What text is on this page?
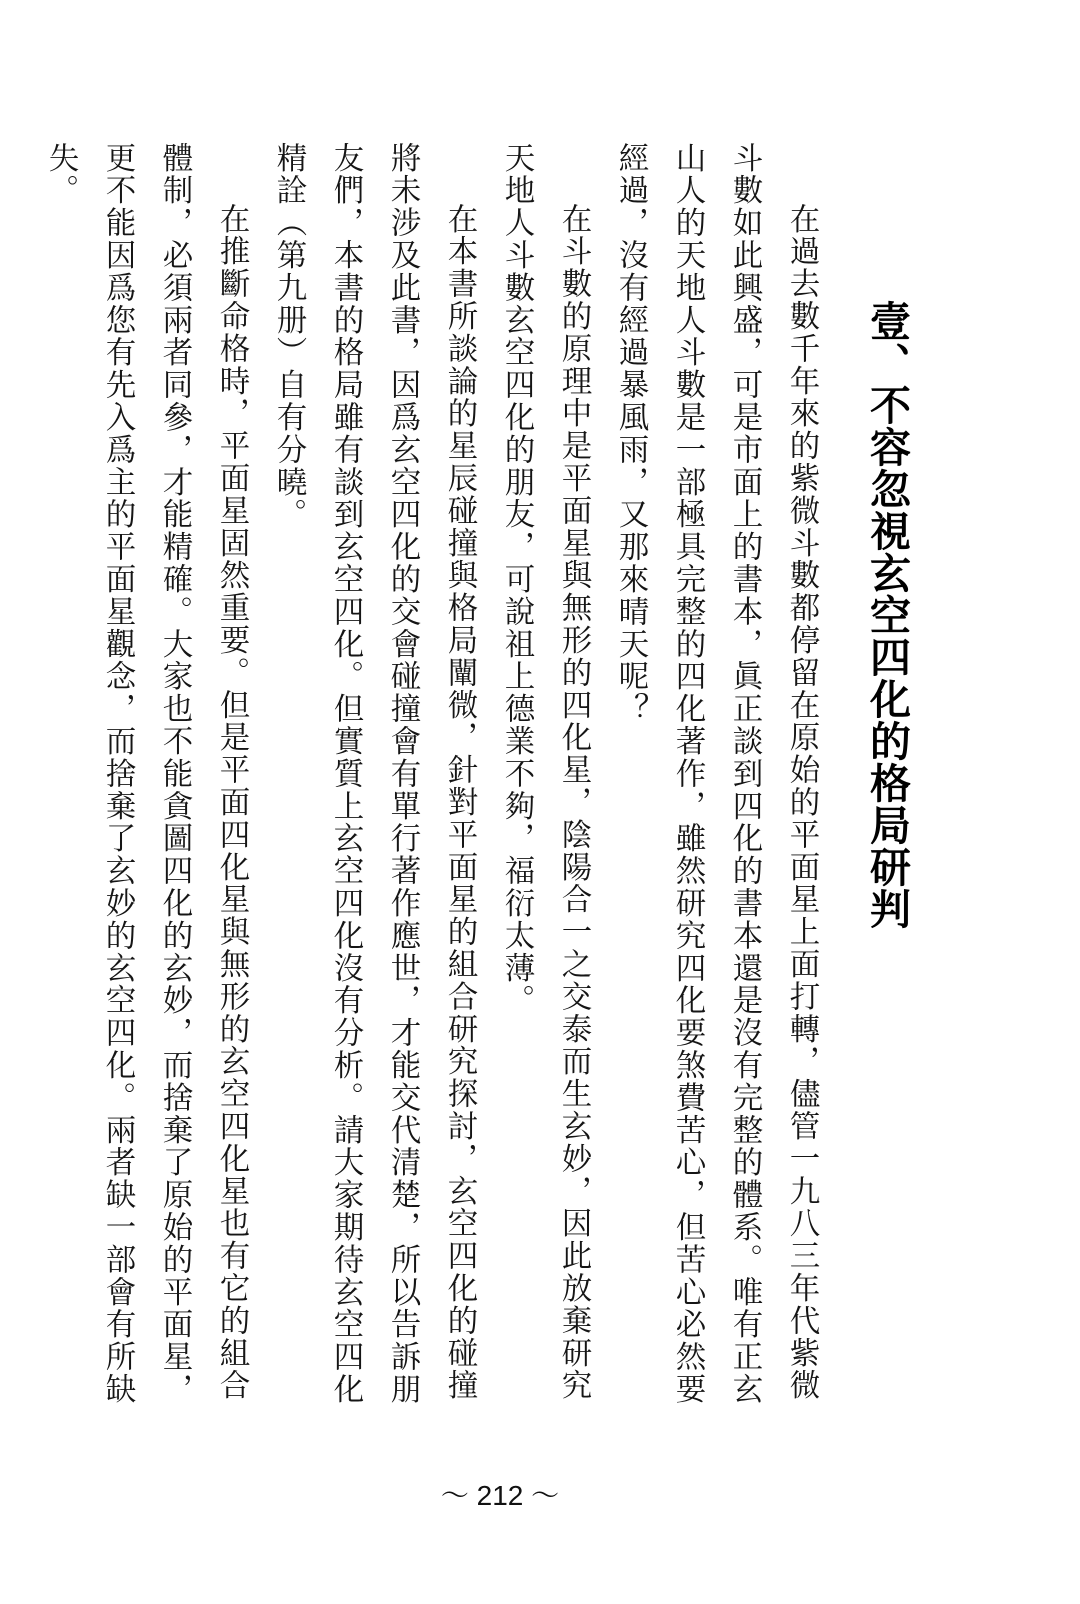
壹、不容忽視玄空四化的格局研判

在過去數千年來的紫微斗數都停留在原始的平面星上面打轉，儘管一九八三年代紫微斗數如此興盛，可是市面上的書本，眞正談到四化的書本還是沒有完整的體系。唯有正玄山人的天地人斗數是一部極具完整的四化著作，雖然研究四化要煞費苦心，但苦心必然要經過，沒有經過暴風雨，又那來晴天呢？

在斗數的原理中是平面星與無形的四化星，陰陽合一之交泰而生玄妙，因此放棄研究天地人斗數玄空四化的朋友，可說祖上德業不夠，福衍太薄。

在本書所談論的星辰碰撞與格局闡微，針對平面星的組合研究探討，玄空四化的碰撞將未涉及此書，因爲玄空四化的交會碰撞會有單行著作應世，才能交代清楚，所以告訴朋友們，本書的格局雖有談到玄空四化。但實質上玄空四化沒有分析。請大家期待玄空四化精詮（第九册）自有分曉。

在推斷命格時，平面星固然重要。但是平面四化星與無形的玄空四化星也有它的組合體制，必須兩者同參，才能精確。大家也不能貪圖四化的玄妙，而捨棄了原始的平面星，更不能因爲您有先入爲主的平面星觀念，而捨棄了玄妙的玄空四化。兩者缺一部會有所缺失。

～ 212 ～
